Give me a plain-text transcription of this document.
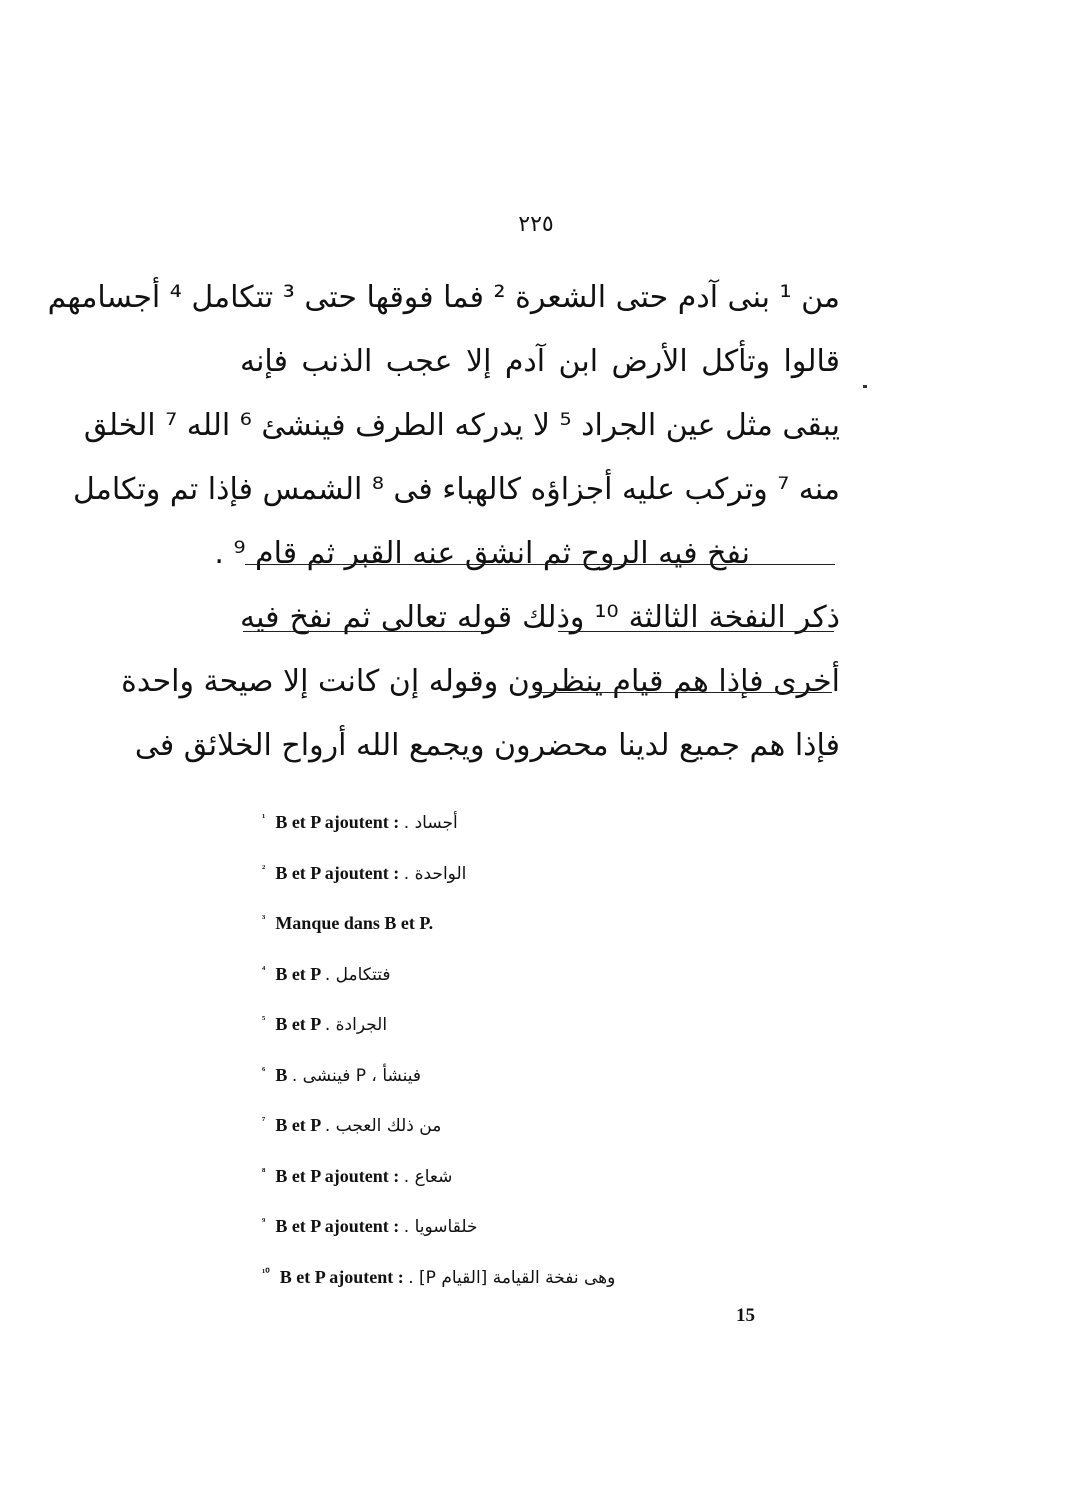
٢٢٥
من ¹ بنى آدم حتى الشعرة ² فما فوقها حتى ³ تتكامل ⁴ أجسامهم
قالوا وتأكل الأرض ابن آدم إلا عجب الذنب فإنه
يبقى مثل عين الجراد ⁵ لا يدركه الطرف فينشئ ⁶ الله ⁷ الخلق
منه ⁷ وتركب عليه أجزاؤه كالهباء فى ⁸ الشمس فإذا تم وتكامل
نفخ فيه الروح ثم انشق عنه القبر ثم قام ⁹ .
ذكر النفخة الثالثة ¹⁰ وذلك قوله تعالى ثم نفخ فيه
أخرى فإذا هم قيام ينظرون وقوله إن كانت إلا صيحة واحدة
فإذا هم جميع لدينا محضرون ويجمع الله أرواح الخلائق فى
$^{^1}$ B et P ajoutent : أجساد .
$^{^2}$ B et P ajoutent : الواحدة .
$^{^3}$ Manque dans B et P.
$^{^4}$ B et P فتتكامل .
$^{^5}$ B et P الجرادة .
$^{^6}$ B فينشأ ، P فينشى .
$^{^7}$ B et P من ذلك العجب .
$^{^8}$ B et P ajoutent : شعاع .
$^{^9}$ B et P ajoutent : خلقاسويا .
$^{^{10}}$ B et P ajoutent : وهى نفخة القيامة [القيام P] .
15
